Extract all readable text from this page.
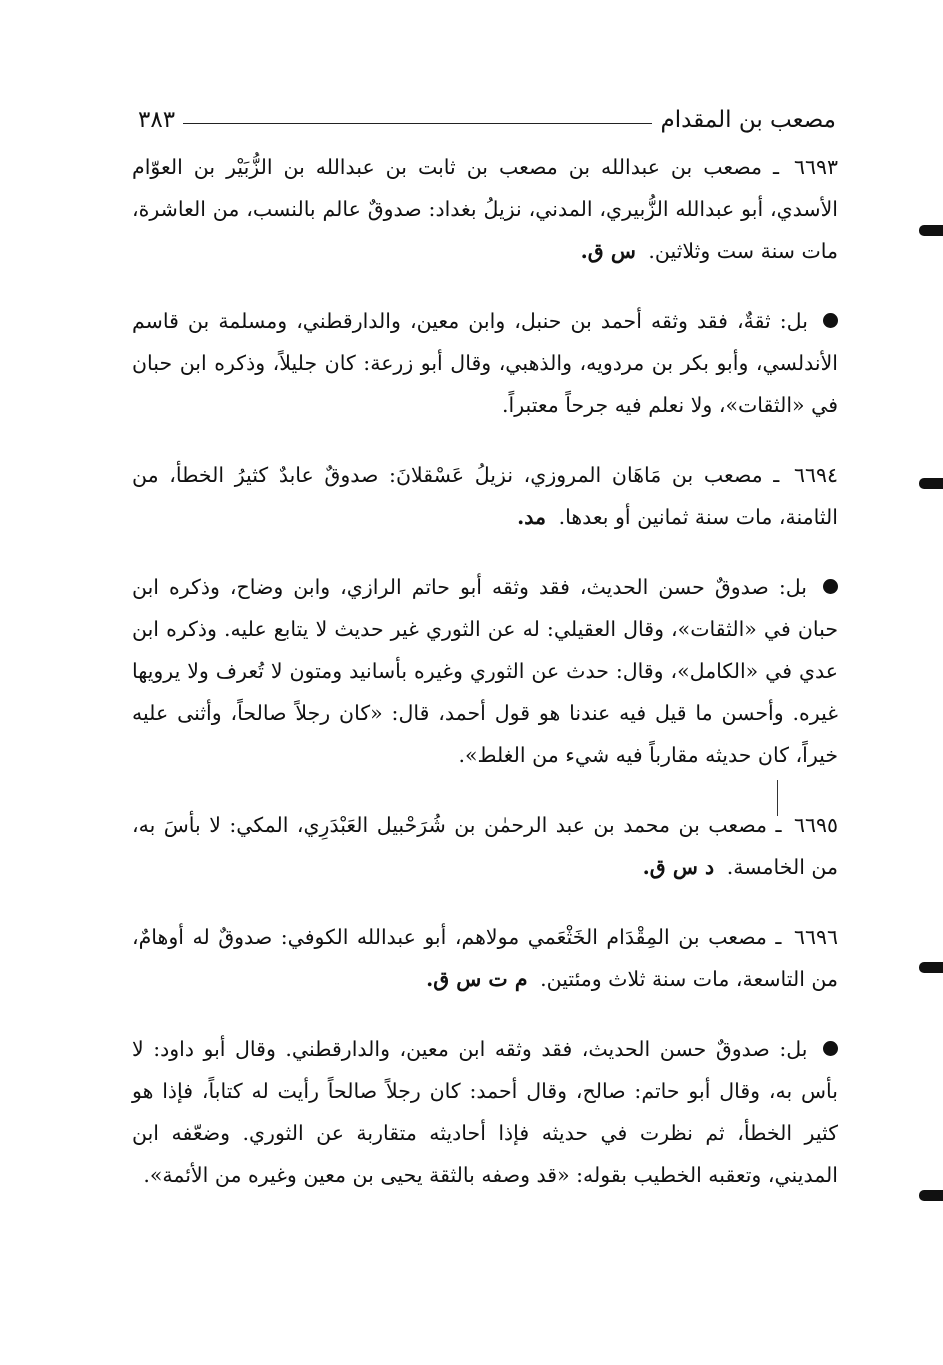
مصعب بن المقدام
٣٨٣

٦٦٩٣ ـ مصعب بن عبدالله بن مصعب بن ثابت بن عبدالله بن الزُّبَيْر بن العوّام الأسدي، أبو عبدالله الزُّبيري، المدني، نزيلُ بغداد: صدوقٌ عالم بالنسب، من العاشرة، مات سنة ست وثلاثين. س ق.

بل: ثقةٌ، فقد وثقه أحمد بن حنبل، وابن معين، والدارقطني، ومسلمة بن قاسم الأندلسي، وأبو بكر بن مردويه، والذهبي، وقال أبو زرعة: كان جليلاً، وذكره ابن حبان في «الثقات»، ولا نعلم فيه جرحاً معتبراً.

٦٦٩٤ ـ مصعب بن مَاهَان المروزي، نزيلُ عَسْقلانَ: صدوقٌ عابدٌ كثيرُ الخطأ، من الثامنة، مات سنة ثمانين أو بعدها. مد.

بل: صدوقٌ حسن الحديث، فقد وثقه أبو حاتم الرازي، وابن وضاح، وذكره ابن حبان في «الثقات»، وقال العقيلي: له عن الثوري غير حديث لا يتابع عليه. وذكره ابن عدي في «الكامل»، وقال: حدث عن الثوري وغيره بأسانيد ومتون لا تُعرف ولا يرويها غيره. وأحسن ما قيل فيه عندنا هو قول أحمد، قال: «كان رجلاً صالحاً، وأثنى عليه خيراً، كان حديثه مقارباً فيه شيء من الغلط».

٦٦٩٥ ـ مصعب بن محمد بن عبد الرحمٰن بن شُرَحْبيل العَبْدَرِي، المكي: لا بأسَ به، من الخامسة. د س ق.

٦٦٩٦ ـ مصعب بن المِقْدَام الخَثْعَمي مولاهم، أبو عبدالله الكوفي: صدوقٌ له أوهامٌ، من التاسعة، مات سنة ثلاث ومئتين. م ت س ق.

بل: صدوقٌ حسن الحديث، فقد وثقه ابن معين، والدارقطني. وقال أبو داود: لا بأس به، وقال أبو حاتم: صالح، وقال أحمد: كان رجلاً صالحاً رأيت له كتاباً، فإذا هو كثير الخطأ، ثم نظرت في حديثه فإذا أحاديثه متقاربة عن الثوري. وضعّفه ابن المديني، وتعقبه الخطيب بقوله: «قد وصفه بالثقة يحيى بن معين وغيره من الأئمة».
